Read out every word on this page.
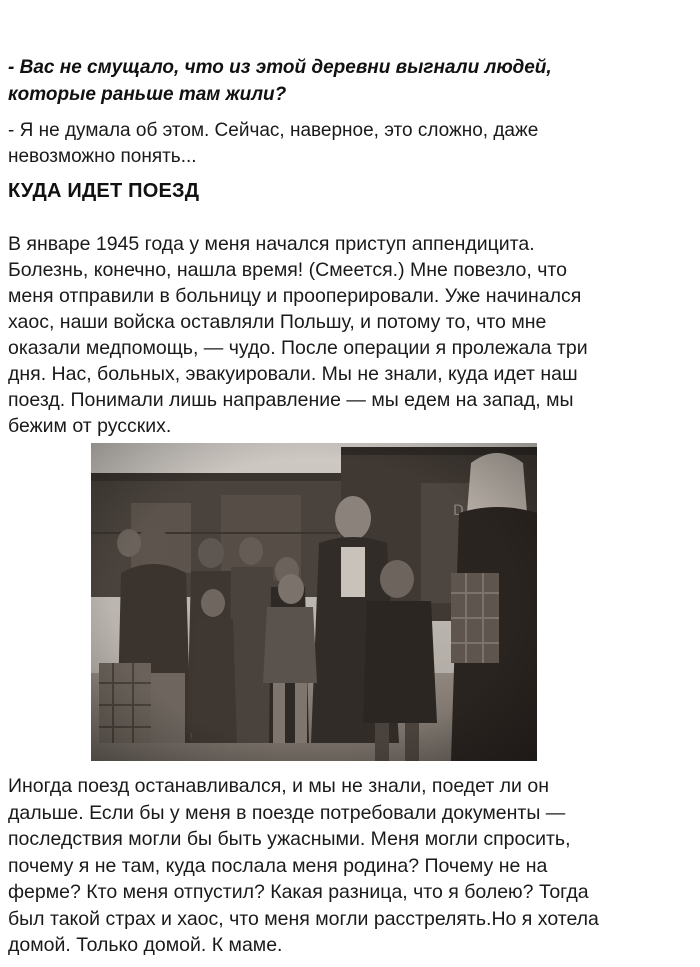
- Вас не смущало, что из этой деревни выгнали людей,
которые раньше там жили?
- Я не думала об этом. Сейчас, наверное, это сложно, даже
невозможно понять...
КУДА ИДЕТ ПОЕЗД

В январе 1945 года у меня начался приступ аппендицита.
Болезнь, конечно, нашла время! (Смеется.) Мне повезло, что
меня отправили в больницу и прооперировали. Уже начинался
хаос, наши войска оставляли Польшу, и потому то, что мне
оказали медпомощь, — чудо. После операции я пролежала три
дня. Нас, больных, эвакуировали. Мы не знали, куда идет наш
поезд. Понимали лишь направление — мы едем на запад, мы
бежим от русских.

Иногда поезд останавливался, и мы не знали, поедет ли он
дальше. Если бы у меня в поезде потребовали документы —
последствия могли бы быть ужасными. Меня могли спросить,
почему я не там, куда послала меня родина? Почему не на
ферме? Кто меня отпустил? Какая разница, что я болею? Тогда
был такой страх и хаос, что меня могли расстрелять.Но я хотела
домой. Только домой. К маме.
